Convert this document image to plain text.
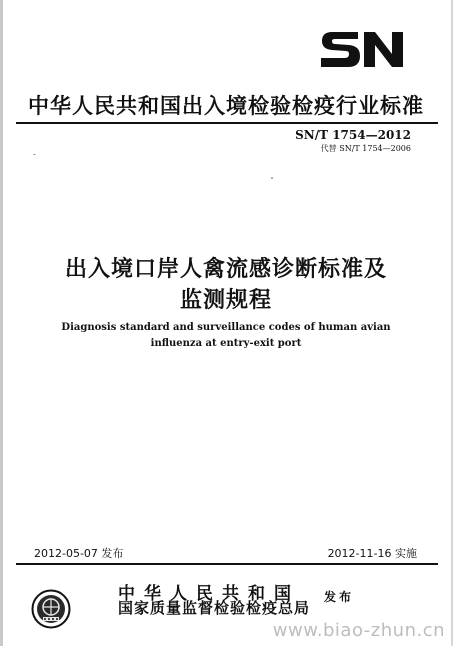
中华人民共和国出入境检验检疫行业标准
SN/T 1754—2012
代替 SN/T 1754—2006
出入境口岸人禽流感诊断标准及
监测规程
Diagnosis standard and surveillance codes of human avian
influenza at entry-exit port
2012-05-07 发布	2012-11-16 实施
中华人民共和国
国家质量监督检验检疫总局
发布
www.biao-zhun.cn
